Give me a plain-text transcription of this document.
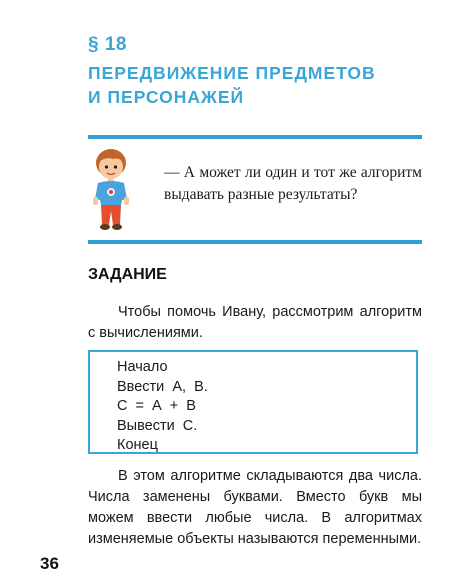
§ 18
ПЕРЕДВИЖЕНИЕ ПРЕДМЕТОВ
И ПЕРСОНАЖЕЙ
— А может ли один и тот же алгоритм выдавать разные результаты?
ЗАДАНИЕ

Чтобы помочь Ивану, рассмотрим алгоритм с вычислениями.

Начало
Ввести  А,  В.
С  =  А  +  В
Вывести  С.
Конец

В этом алгоритме складываются два числа. Числа заменены буквами. Вместо букв мы можем ввести любые числа. В алгоритмах изменяемые объекты называются переменными.

36
